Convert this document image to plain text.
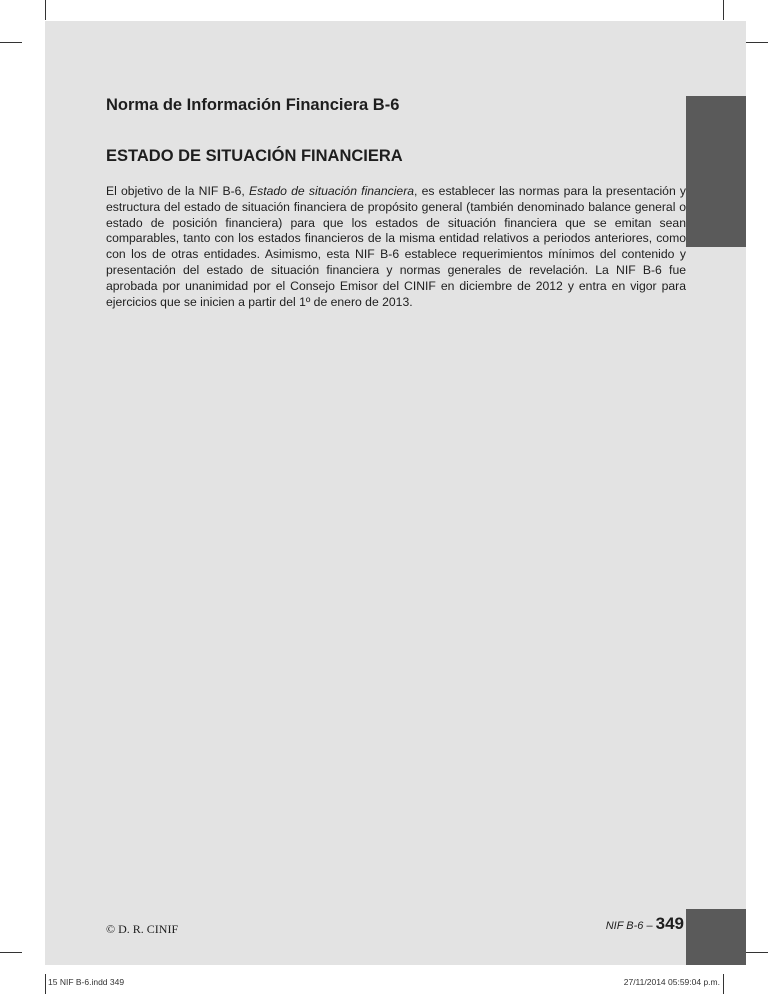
Norma de Información Financiera B-6
ESTADO DE SITUACIÓN FINANCIERA

El objetivo de la NIF B-6, Estado de situación financiera, es establecer las normas para la presentación y estructura del estado de situación financiera de propósito general (también denominado balance general o estado de posición financiera) para que los estados de situación financiera que se emitan sean comparables, tanto con los estados financieros de la misma entidad relativos a periodos anteriores, como con los de otras entidades. Asimismo, esta NIF B-6 establece requerimientos mínimos del contenido y presentación del estado de situación financiera y normas generales de revelación. La NIF B-6 fue aprobada por unanimidad por el Consejo Emisor del CINIF en diciembre de 2012 y entra en vigor para ejercicios que se inicien a partir del 1º de enero de 2013.

© D. R. CINIF	NIF B-6 – 349
15 NIF B-6.indd 349	27/11/2014 05:59:04 p.m.
